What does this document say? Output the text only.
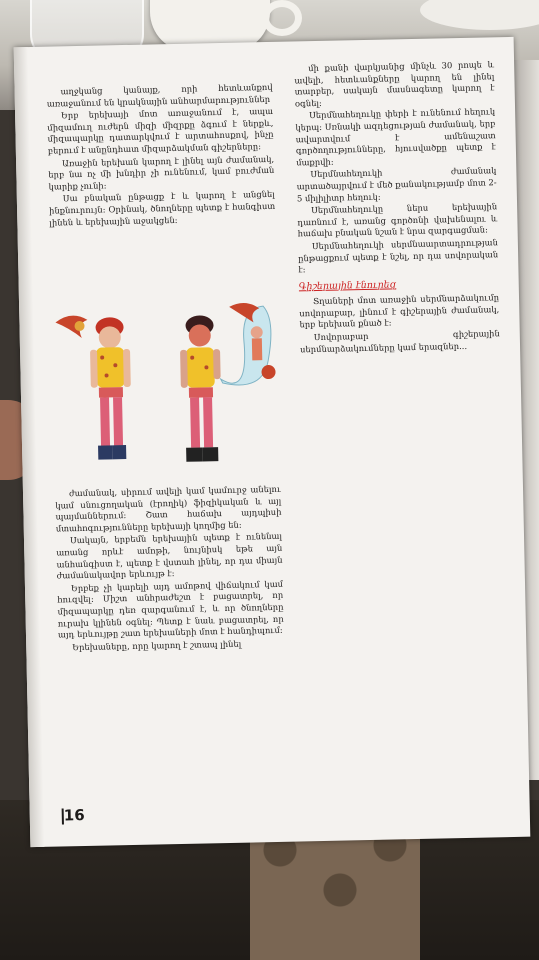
աղջկանց կանայք, որի հետևանքով առաջանում են կրակնային անհարմարություններ

Երբ երեխայի մոտ առաջանում է, ապա միզամուղ ուժերն միզի միզրքը ձգում է ներքև, միզապարկը դատարկվում է արտահոսքով, ինչը բերում է անընդհատ միզարձակման գիշերները:

Առաջին երեխան կարող է լինել այն ժամանակ, երբ նա ոչ մի խնդիր չի ունենում, կամ բուժման կարիք չունի:

Սա բնական ընթացք է և կարող է անցնել ինքնուրույն: Օրինակ, ծնողները պետք է հանգիստ լինեն և երեխային աջակցեն:

ժամանակ, սիրում ավելի կամ կամուրջ անելու կամ սնուցողական (էրողիկ) ֆիզիկական և այլ պայմաններում: Շատ հաճախ այդպիսի մտահոգությունները երեխայի կողմից են:

Սակայն, երբեմն երեխային պետք է ունենալ առանց որևէ ամոթի, նույնիսկ եթե այն անհանգիստ է, պետք է վստահ լինել, որ դա միայն ժամանակավոր երևույթ է:

Երբեք չի կարելի այդ ամոթով վիճակում կամ հուզվել: Միշտ անհրաժեշտ է բացատրել, որ միզապարկը դեռ զարգանում է, և որ ծնողները ուրախ կլինեն օգնել: Պետք է նաև բացատրել, որ այդ երևույթը շատ երեխաների մոտ է հանդիպում:

Երեխաները, որը կարող է շտապ լինել

մի քանի վարկյանից մինչև 30 րոպե և ավելի, հետևանքները կարող են լինել տարբեր, սակայն մասնագետը կարող է օգնել:

Սերմնահեղուկը փերի է ունենում հեղուկ կերպ: Սռնակի ազդեցության ժամանակ, երբ ավարտվում է ամենաշատ գործողությունները, հյուսվածքը պետք է մաքրվի:

Սերմնահեղուկի ժամանակ արտածայրվում է մեծ քանակությամբ մոտ 2-5 միլիլիտր հեղուկ:

Սերմնահեղուկը ներս երեխային դառնում է, առանց գործոնի վախենալու և հաճախ բնական նշան է նրա զարգացման:

Սերմնահեղուկի սերմնաարտադրության ընթացքում պետք է նշել, որ դա սովորական է:

Գիշերային էնուրեզ

Տղաների մոտ առաջին սերմնարձակումը սովորաբար, լինում է գիշերային ժամանակ, երբ երեխան քնած է:

Սովորաբար գիշերային սերմնարձակումները կամ երազներ...

16
